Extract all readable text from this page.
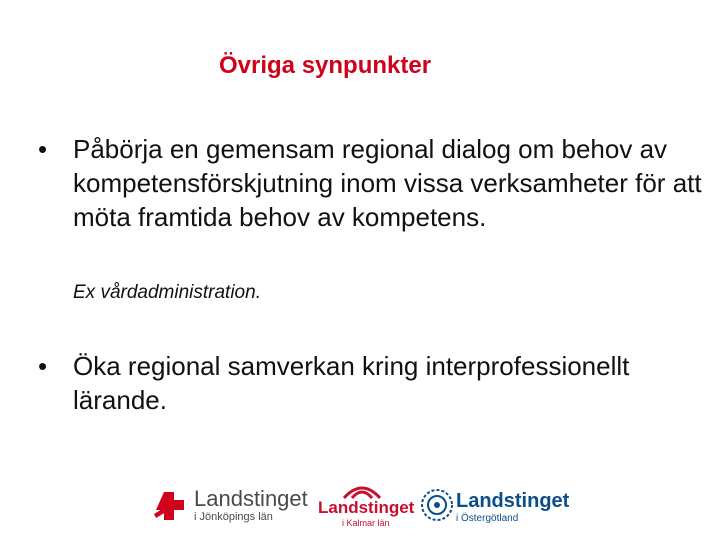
Övriga synpunkter
• Påbörja en gemensam regional dialog om behov av kompetensförskjutning inom vissa verksamheter för att möta framtida behov av kompetens.
Ex vårdadministration.
• Öka regional samverkan kring interprofessionellt lärande.
Landstinget
i Jönköpings län	Landstinget
i Kalmar län
Landstinget
i Östergötland
